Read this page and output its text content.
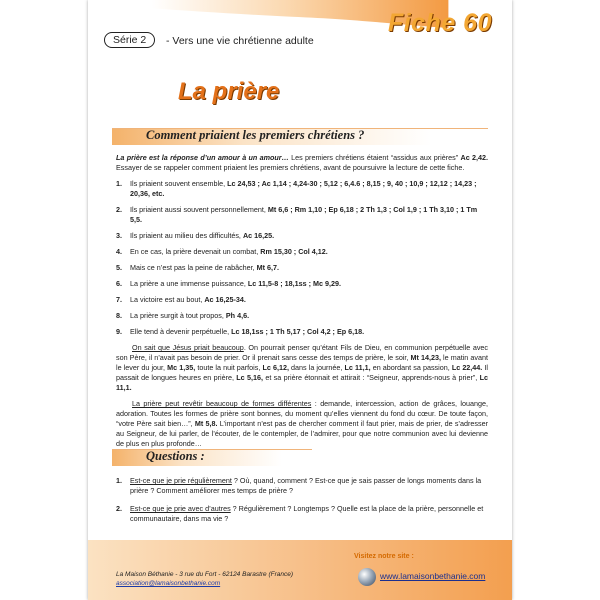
Fiche 60
Série 2	- Vers une vie chrétienne adulte
La prière
Comment priaient les premiers chrétiens ?

La prière est la réponse d’un amour à un amour… Les premiers chrétiens étaient “assidus aux prières” Ac 2,42. Essayer de se rappeler comment priaient les premiers chrétiens, avant de poursuivre la lecture de cette fiche.

1.	Ils priaient souvent ensemble, Lc 24,53 ; Ac 1,14 ; 4,24-30 ; 5,12 ; 6,4.6 ; 8,15 ; 9, 40 ; 10,9 ; 12,12 ; 14,23 ; 20,36, etc.
2.	Ils priaient aussi souvent personnellement, Mt 6,6 ; Rm 1,10 ; Ep 6,18 ; 2 Th 1,3 ; Col 1,9 ; 1 Th 3,10 ; 1 Tm 5,5.
3.	Ils priaient au milieu des difficultés, Ac 16,25.
4.	En ce cas, la prière devenait un combat, Rm 15,30 ; Col 4,12.
5.	Mais ce n’est pas la peine de rabâcher, Mt 6,7.
6.	La prière a une immense puissance, Lc 11,5-8 ; 18,1ss ; Mc 9,29.
7.	La victoire est au bout, Ac 16,25-34.
8.	La prière surgit à tout propos, Ph 4,6.
9.	Elle tend à devenir perpétuelle, Lc 18,1ss ; 1 Th 5,17 ; Col 4,2 ; Ep 6,18.

On sait que Jésus priait beaucoup. On pourrait penser qu’étant Fils de Dieu, en communion perpétuelle avec son Père, il n’avait pas besoin de prier. Or il prenait sans cesse des temps de prière, le soir, Mt 14,23, le matin avant le lever du jour, Mc 1,35, toute la nuit parfois, Lc 6,12, dans la journée, Lc 11,1, en abordant sa passion, Lc 22,44. Il passait de longues heures en prière, Lc 5,16, et sa prière étonnait et attirait : “Seigneur, apprends-nous à prier”, Lc 11,1.

La prière peut revêtir beaucoup de formes différentes : demande, intercession, action de grâces, louange, adoration. Toutes les formes de prière sont bonnes, du moment qu’elles viennent du fond du cœur. De toute façon, “votre Père sait bien…”, Mt 5,8. L’important n’est pas de chercher comment il faut prier, mais de prier, de s’adresser au Seigneur, de lui parler, de l’écouter, de le contempler, de l’admirer, pour que notre communion avec lui devienne de plus en plus profonde…

Questions :
1.	Est-ce que je prie régulièrement ? Où, quand, comment ? Est-ce que je sais passer de longs moments dans la prière ? Comment améliorer mes temps de prière ?
2.	Est-ce que je prie avec d’autres ? Régulièrement ? Longtemps ? Quelle est la place de la prière, personnelle et communautaire, dans ma vie ?
La Maison Béthanie - 3 rue du Fort - 62124 Barastre (France)
association@lamaisonbethanie.com
Visitez notre site :
www.lamaisonbethanie.com
